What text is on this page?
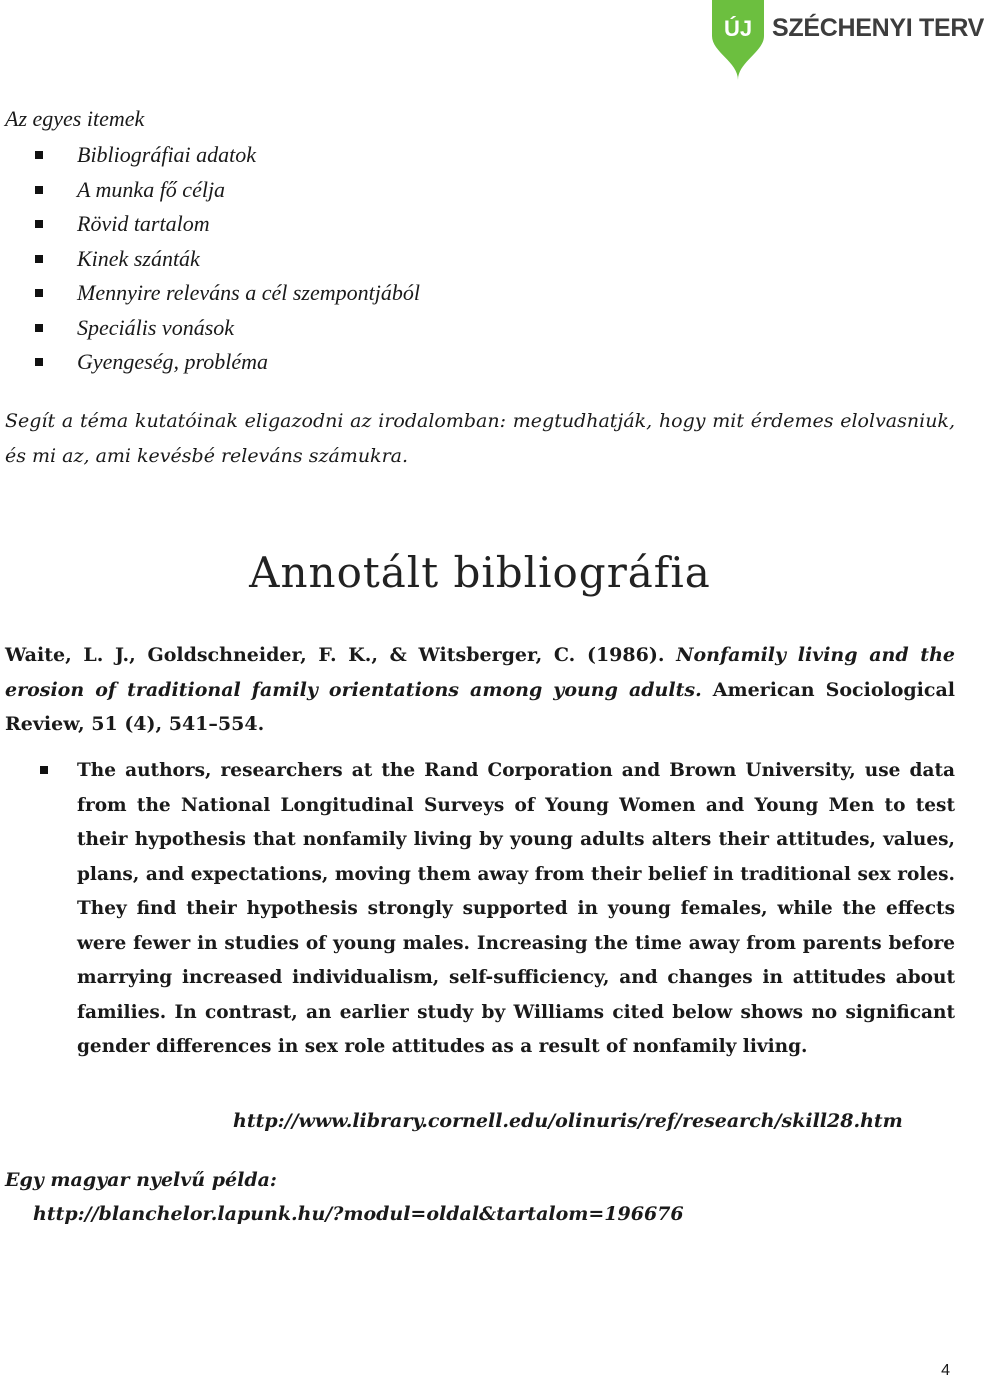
ÚJ SZÉCHENYI TERV
Az egyes itemek
Bibliográfiai adatok
A munka fő célja
Rövid tartalom
Kinek szánták
Mennyire releváns a cél szempontjából
Speciális vonások
Gyengeség, probléma

Segít a téma kutatóinak eligazodni az irodalomban: megtudhatják, hogy mit érdemes elolvasniuk, és mi az, ami kevésbé releváns számukra.

Annotált bibliográfia

Waite, L. J., Goldschneider, F. K., & Witsberger, C. (1986). Nonfamily living and the erosion of traditional family orientations among young adults. American Sociological Review, 51 (4), 541–554.

The authors, researchers at the Rand Corporation and Brown University, use data from the National Longitudinal Surveys of Young Women and Young Men to test their hypothesis that nonfamily living by young adults alters their attitudes, values, plans, and expectations, moving them away from their belief in traditional sex roles. They find their hypothesis strongly supported in young females, while the effects were fewer in studies of young males. Increasing the time away from parents before marrying increased individualism, self-sufficiency, and changes in attitudes about families. In contrast, an earlier study by Williams cited below shows no significant gender differences in sex role attitudes as a result of nonfamily living.

http://www.library.cornell.edu/olinuris/ref/research/skill28.htm
Egy magyar nyelvű példa:
http://blanchelor.lapunk.hu/?modul=oldal&tartalom=196676
4
